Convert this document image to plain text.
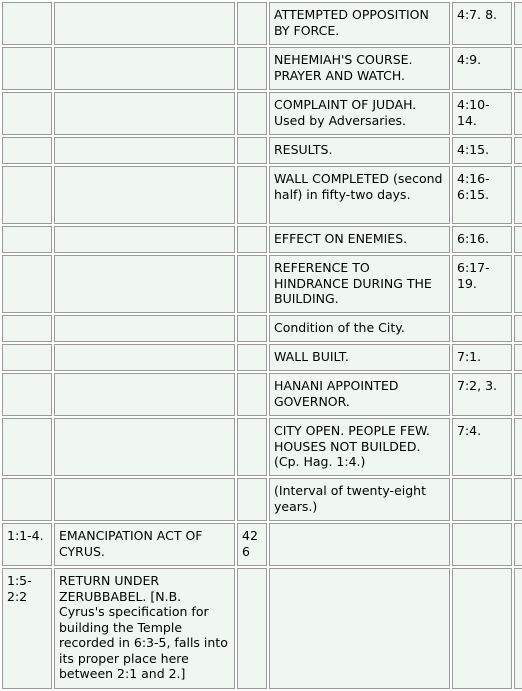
			ATTEMPTED OPPOSITION BY FORCE.	4:7. 8.	
			NEHEMIAH'S COURSE. PRAYER AND WATCH.	4:9.	
			COMPLAINT OF JUDAH. Used by Adversaries.	4:10-14.	
			RESULTS.	4:15.	
			WALL COMPLETED (second half) in fifty-two days.	4:16-6:15.	
			EFFECT ON ENEMIES.	6:16.	
			REFERENCE TO HINDRANCE DURING THE BUILDING.	6:17-19.	
			Condition of the City.		
			WALL BUILT.	7:1.	
			HANANI APPOINTED GOVERNOR.	7:2, 3.	
			CITY OPEN. PEOPLE FEW. HOUSES NOT BUILDED. (Cp. Hag. 1:4.)	7:4.	
			(Interval of twenty-eight years.)		
1:1-4.	EMANCIPATION ACT OF CYRUS.	426			
1:5-2:2	RETURN UNDER ZERUBBABEL. [N.B. Cyrus's specification for building the Temple recorded in 6:3-5, falls into its proper place here between 2:1 and 2.]				
